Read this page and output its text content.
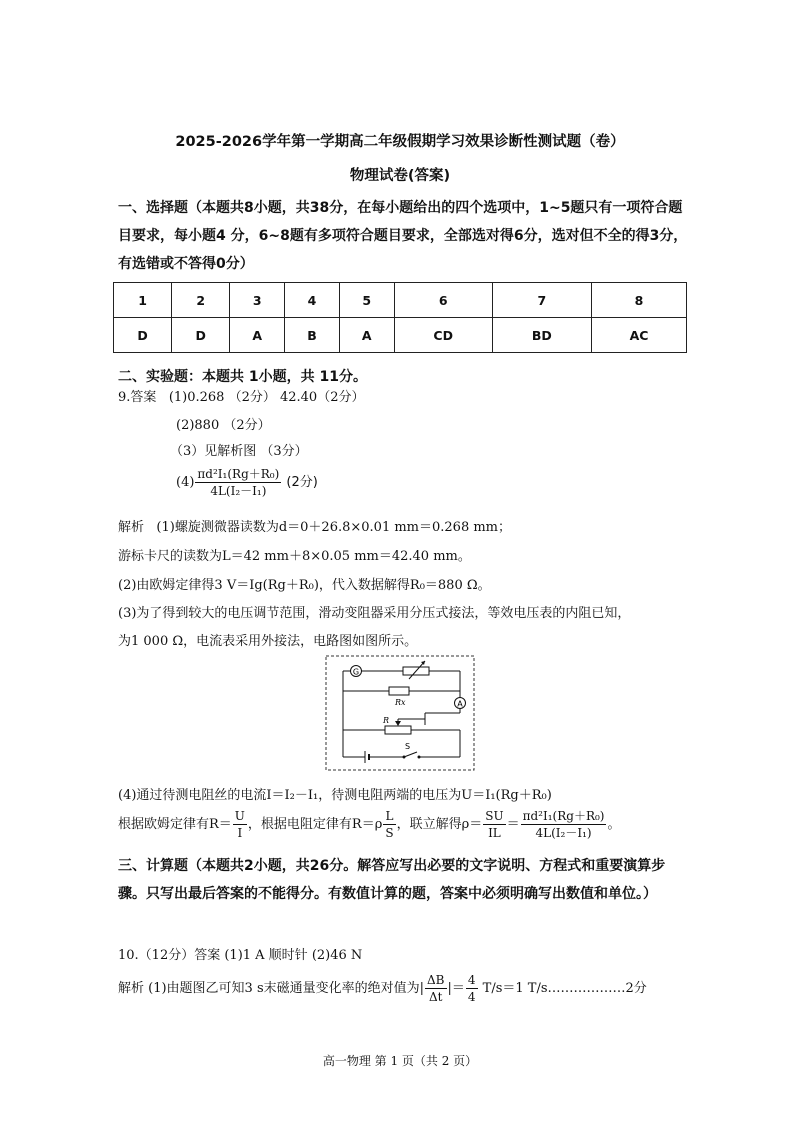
2025-2026学年第一学期高二年级假期学习效果诊断性测试题（卷）
物理试卷(答案)
一、选择题（本题共8小题，共38分，在每小题给出的四个选项中，1~5题只有一项符合题目要求，每小题4 分，6~8题有多项符合题目要求，全部选对得6分，选对但不全的得3分，有选错或不答得0分）
1	2	3	4	5	6	7	8
D	D	A	B	A	CD	BD	AC
二、实验题：本题共 1小题，共 11分。
9.答案 (1)0.268 （2分） 42.40（2分）
(2)880 （2分）
（3）见解析图 （3分）
$(4) \frac{\text{πd²I₁(Rg＋R₀)}}{\text{4L(I₂－I₁)}} (2$分)
解析 (1)螺旋测微器读数为d＝0＋26.8×0.01 mm＝0.268 mm；
游标卡尺的读数为L＝42 mm＋8×0.05 mm＝42.40 mm。
(2)由欧姆定律得3 V＝Ig(Rg＋R₀)，代入数据解得R₀＝880 Ω。
(3)为了得到较大的电压调节范围，滑动变阻器采用分压式接法，等效电压表的内阻已知，
为1 000 Ω，电流表采用外接法，电路图如图所示。
G
Rx	A
R
S
(4)通过待测电阻丝的电流I＝I₂－I₁，待测电阻两端的电压为U＝I₁(Rg＋R₀)
根据欧姆定律有$R= \frac{U}{I}$ ，根据电阻定律有$R=\rho \frac{L}{S}$ ，联立解得$\rho= \frac{SU}{IL} = \frac{\text{πd²I₁(Rg＋R₀)}}{\text{4L(I₂－I₁)}}$ 。
三、计算题（本题共2小题，共26分。解答应写出必要的文字说明、方程式和重要演算步骤。只写出最后答案的不能得分。有数值计算的题，答案中必须明确写出数值和单位。）
10.（12分）答案 (1)1 A 顺时针 (2)46 N
解析 (1)由题图乙可知3 s末磁通量变化率的绝对值为| $\frac{\Delta B}{\Delta t}$ |＝ $\frac{4}{4} T/s=1$ T/s………………2分
高一物理 第 1 页（共 2 页）
